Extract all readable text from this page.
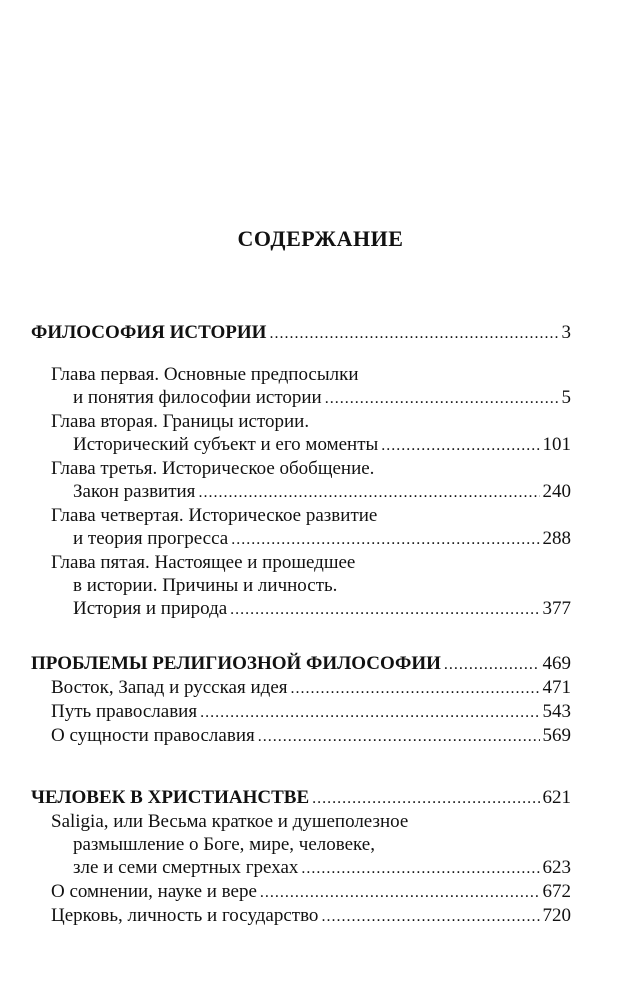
СОДЕРЖАНИЕ
ФИЛОСОФИЯ ИСТОРИИ . . .	3
Глава первая. Основные предпосылки
и понятия философии истории . . .	5
Глава вторая. Границы истории.
Исторический субъект и его моменты . . .	101
Глава третья. Историческое обобщение.
Закон развития . . .	240
Глава четвертая. Историческое развитие
и теория прогресса . . .	288
Глава пятая. Настоящее и прошедшее
в истории. Причины и личность.
История и природа . . .	377
ПРОБЛЕМЫ РЕЛИГИОЗНОЙ ФИЛОСОФИИ . . .	469
Восток, Запад и русская идея . . .	471
Путь православия . . .	543
О сущности православия . . .	569
ЧЕЛОВЕК В ХРИСТИАНСТВЕ . . .	621
Saligia, или Весьма краткое и душеполезное
размышление о Боге, мире, человеке,
зле и семи смертных грехах . . .	623
О сомнении, науке и вере . . .	672
Церковь, личность и государство . . .	720
